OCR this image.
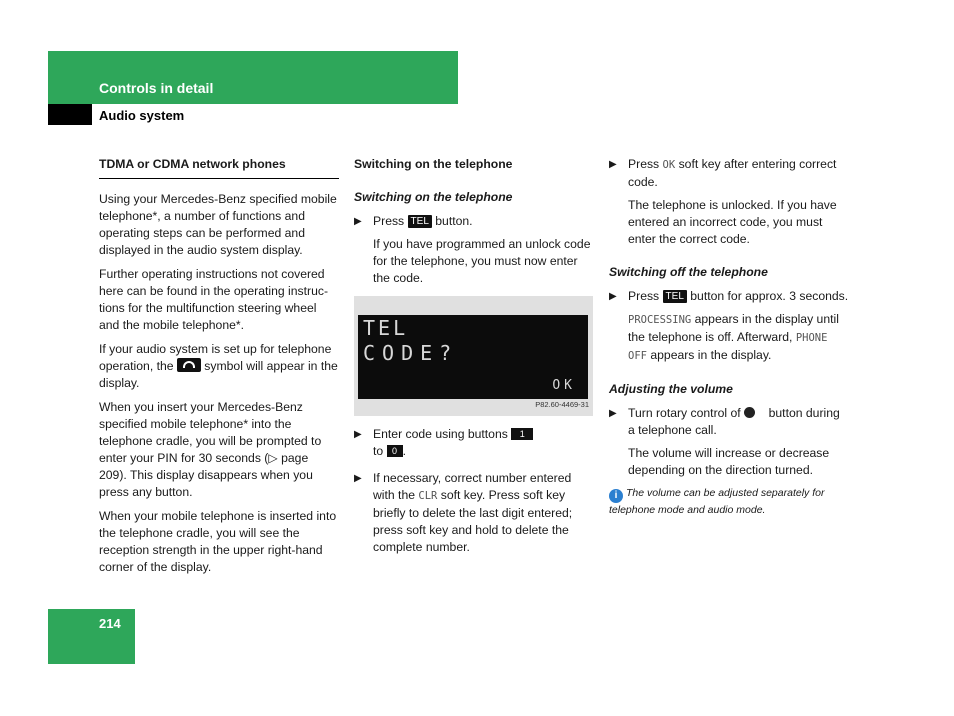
Controls in detail
Audio system
TDMA or CDMA network phones

Using your Mercedes-Benz specified mobile telephone*, a number of functions and operating steps can be performed and displayed in the audio system display.

Further operating instructions not covered here can be found in the operating instruc-tions for the multifunction steering wheel and the mobile telephone*.

If your audio system is set up for telephone operation, the  symbol will appear in the display.

When you insert your Mercedes-Benz specified mobile telephone* into the telephone cradle, you will be prompted to enter your PIN for 30 seconds (▷ page 209). This display disappears when you press any button.

When your mobile telephone is inserted into the telephone cradle, you will see the reception strength in the upper right-hand corner of the display.

Switching on the telephone
Switching on the telephone
▶ Press TEL button.

If you have programmed an unlock code for the telephone, you must now enter the code.

TEL
CODE?
OK
P82.60-4469-31
▶ Enter code using buttons 1
to 0 .
▶ If necessary, correct number entered with the CLR soft key. Press soft key briefly to delete the last digit entered; press soft key and hold to delete the complete number.
▶ Press OK soft key after entering correct code.

The telephone is unlocked. If you have entered an incorrect code, you must enter the correct code.

Switching off the telephone
▶ Press TEL button for approx. 3 seconds.

PROCESSING appears in the display until the telephone is off. Afterward, PHONE OFF appears in the display.

Adjusting the volume
▶ Turn rotary control of     button during a telephone call.

The volume will increase or decrease depending on the direction turned.

i The volume can be adjusted separately for telephone mode and audio mode.
214
